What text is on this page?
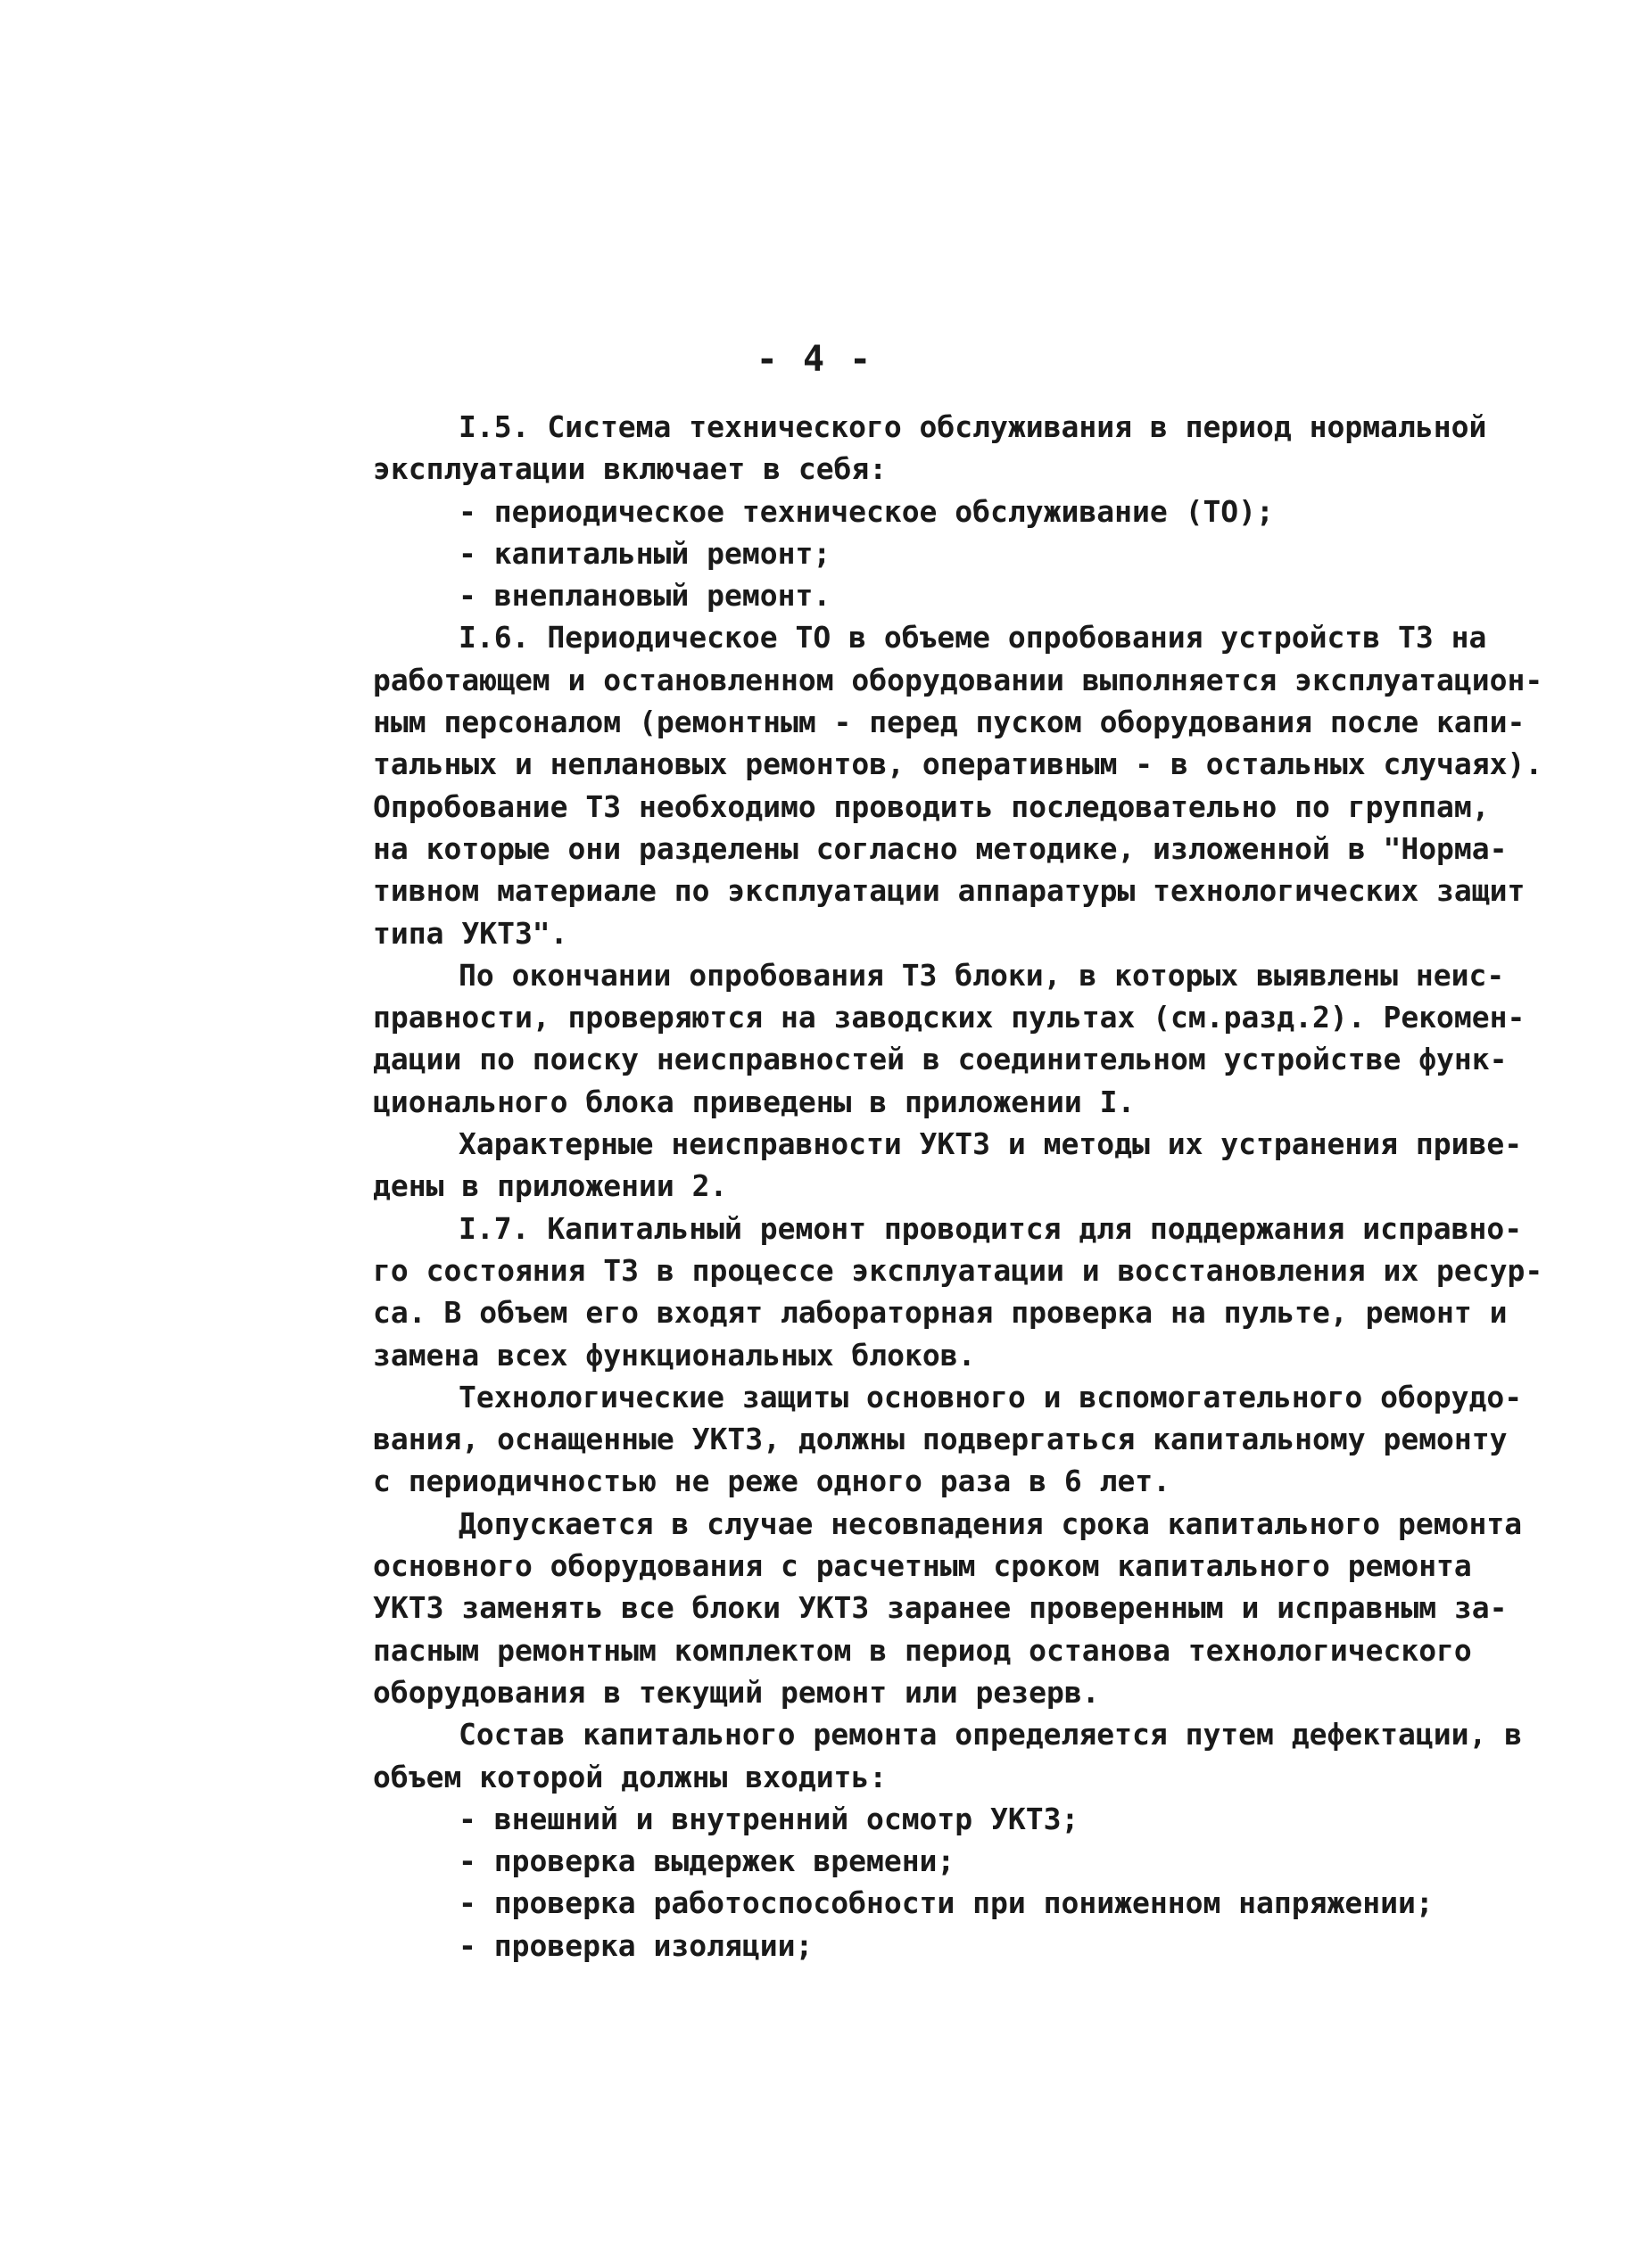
- 4 -
I.5. Система технического обслуживания в период нормальной
эксплуатации включает в себя:
- периодическое техническое обслуживание (ТО);
- капитальный ремонт;
- внеплановый ремонт.
I.6. Периодическое ТО в объеме опробования устройств ТЗ на
работающем и остановленном оборудовании выполняется эксплуатацион-
ным персоналом (ремонтным - перед пуском оборудования после капи-
тальных и неплановых ремонтов, оперативным - в остальных случаях).
Опробование ТЗ необходимо проводить последовательно по группам,
на которые они разделены согласно методике, изложенной в "Норма-
тивном материале по эксплуатации аппаратуры технологических защит
типа УКТЗ".
По окончании опробования ТЗ блоки, в которых выявлены неис-
правности, проверяются на заводских пультах (см.разд.2). Рекомен-
дации по поиску неисправностей в соединительном устройстве функ-
ционального блока приведены в приложении I.
Характерные неисправности УКТЗ и методы их устранения приве-
дены в приложении 2.
I.7. Капитальный ремонт проводится для поддержания исправно-
го состояния ТЗ в процессе эксплуатации и восстановления их ресур-
са. В объем его входят лабораторная проверка на пульте, ремонт и
замена всех функциональных блоков.
Технологические защиты основного и вспомогательного оборудо-
вания, оснащенные УКТЗ, должны подвергаться капитальному ремонту
с периодичностью не реже одного раза в 6 лет.
Допускается в случае несовпадения срока капитального ремонта
основного оборудования с расчетным сроком капитального ремонта
УКТЗ заменять все блоки УКТЗ заранее проверенным и исправным за-
пасным ремонтным комплектом в период останова технологического
оборудования в текущий ремонт или резерв.
Состав капитального ремонта определяется путем дефектации, в
объем которой должны входить:
- внешний и внутренний осмотр УКТЗ;
- проверка выдержек времени;
- проверка работоспособности при пониженном напряжении;
- проверка изоляции;
